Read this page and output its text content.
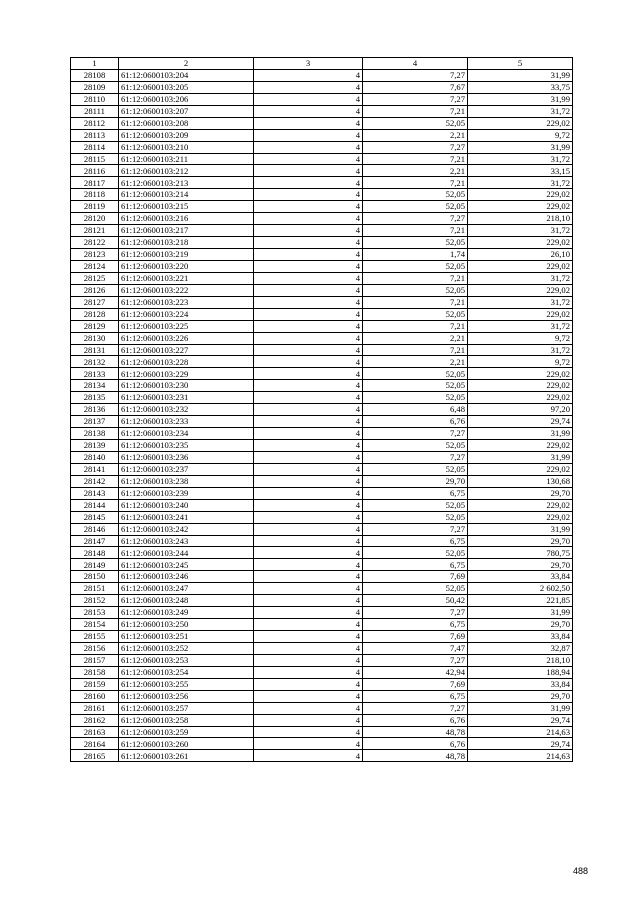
1	2	3	4	5
28108	61:12:0600103:204	4	7,27	31,99
28109	61:12:0600103:205	4	7,67	33,75
28110	61:12:0600103:206	4	7,27	31,99
28111	61:12:0600103:207	4	7,21	31,72
28112	61:12:0600103:208	4	52,05	229,02
28113	61:12:0600103:209	4	2,21	9,72
28114	61:12:0600103:210	4	7,27	31,99
28115	61:12:0600103:211	4	7,21	31,72
28116	61:12:0600103:212	4	2,21	33,15
28117	61:12:0600103:213	4	7,21	31,72
28118	61:12:0600103:214	4	52,05	229,02
28119	61:12:0600103:215	4	52,05	229,02
28120	61:12:0600103:216	4	7,27	218,10
28121	61:12:0600103:217	4	7,21	31,72
28122	61:12:0600103:218	4	52,05	229,02
28123	61:12:0600103:219	4	1,74	26,10
28124	61:12:0600103:220	4	52,05	229,02
28125	61:12:0600103:221	4	7,21	31,72
28126	61:12:0600103:222	4	52,05	229,02
28127	61:12:0600103:223	4	7,21	31,72
28128	61:12:0600103:224	4	52,05	229,02
28129	61:12:0600103:225	4	7,21	31,72
28130	61:12:0600103:226	4	2,21	9,72
28131	61:12:0600103:227	4	7,21	31,72
28132	61:12:0600103:228	4	2,21	9,72
28133	61:12:0600103:229	4	52,05	229,02
28134	61:12:0600103:230	4	52,05	229,02
28135	61:12:0600103:231	4	52,05	229,02
28136	61:12:0600103:232	4	6,48	97,20
28137	61:12:0600103:233	4	6,76	29,74
28138	61:12:0600103:234	4	7,27	31,99
28139	61:12:0600103:235	4	52,05	229,02
28140	61:12:0600103:236	4	7,27	31,99
28141	61:12:0600103:237	4	52,05	229,02
28142	61:12:0600103:238	4	29,70	130,68
28143	61:12:0600103:239	4	6,75	29,70
28144	61:12:0600103:240	4	52,05	229,02
28145	61:12:0600103:241	4	52,05	229,02
28146	61:12:0600103:242	4	7,27	31,99
28147	61:12:0600103:243	4	6,75	29,70
28148	61:12:0600103:244	4	52,05	780,75
28149	61:12:0600103:245	4	6,75	29,70
28150	61:12:0600103:246	4	7,69	33,84
28151	61:12:0600103:247	4	52,05	2 602,50
28152	61:12:0600103:248	4	50,42	221,85
28153	61:12:0600103:249	4	7,27	31,99
28154	61:12:0600103:250	4	6,75	29,70
28155	61:12:0600103:251	4	7,69	33,84
28156	61:12:0600103:252	4	7,47	32,87
28157	61:12:0600103:253	4	7,27	218,10
28158	61:12:0600103:254	4	42,94	188,94
28159	61:12:0600103:255	4	7,69	33,84
28160	61:12:0600103:256	4	6,75	29,70
28161	61:12:0600103:257	4	7,27	31,99
28162	61:12:0600103:258	4	6,76	29,74
28163	61:12:0600103:259	4	48,78	214,63
28164	61:12:0600103:260	4	6,76	29,74
28165	61:12:0600103:261	4	48,78	214,63
488
